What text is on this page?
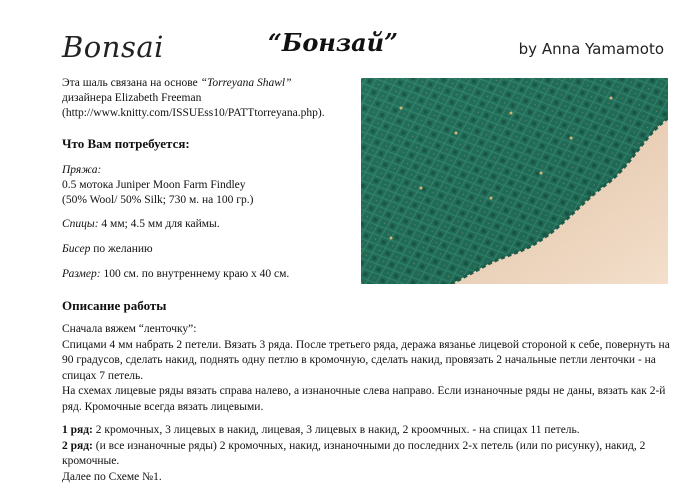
Bonsai	“Бонзай”	by Anna Yamamoto
Эта шаль связана на основе “Torreyana Shawl”
дизайнера Elizabeth Freeman
(http://www.knitty.com/ISSUEss10/PATTtorreyana.php).
Что Вам потребуется:
Пряжа:
0.5 мотока Juniper Moon Farm Findley
(50% Wool/ 50% Silk; 730 м. на 100 гр.)
Спицы: 4 мм; 4.5 мм для каймы.
Бисер по желанию
Размер: 100 см. по внутреннему краю х 40 см.
Описание работы

Сначала вяжем “ленточку”:

Спицами 4 мм набрать 2 петели. Вязать 3 ряда. После третьего ряда, деража вязанье лицевой стороной к себе, повернуть на 90 градусов, сделать накид, поднять одну петлю в кромочную, сделать накид, провязать 2 начальные петли ленточки - на спицах 7 петель.

На схемах лицевые ряды вязать справа налево, а изнаночные слева направо. Если изнаночные ряды не даны, вязать как 2-й ряд. Кромочные всегда вязать лицевыми.

1 ряд: 2 кромочных, 3 лицевых в накид, лицевая, 3 лицевых в накид, 2 кроомчных. - на спицах 11 петель.

2 ряд: (и все изнаночные ряды) 2 кромочных, накид, изнаночными до последних 2-х петель (или по рисунку), накид, 2 кромочные.

Далее по Схеме №1.
